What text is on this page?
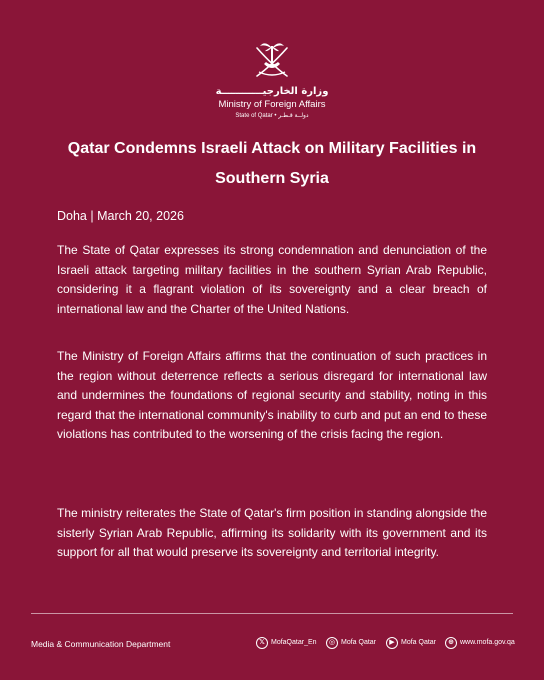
وزارة الخارجيــــــــــــة
Ministry of Foreign Affairs
State of Qatar • دولــة قـطـر
Qatar Condemns Israeli Attack on Military Facilities in Southern Syria
Doha | March 20, 2026

The State of Qatar expresses its strong condemnation and denunciation of the Israeli attack targeting military facilities in the southern Syrian Arab Republic, considering it a flagrant violation of its sovereignty and a clear breach of international law and the Charter of the United Nations.

The Ministry of Foreign Affairs affirms that the continuation of such practices in the region without deterrence reflects a serious disregard for international law and undermines the foundations of regional security and stability, noting in this regard that the international community's inability to curb and put an end to these violations has contributed to the worsening of the crisis facing the region.

The ministry reiterates the State of Qatar's firm position in standing alongside the sisterly Syrian Arab Republic, affirming its solidarity with its government and its support for all that would preserve its sovereignty and territorial integrity.

Media & Communication Department	𝕏 MofaQatar_En	◎ Mofa Qatar	▶ Mofa Qatar	⊕ www.mofa.gov.qa
